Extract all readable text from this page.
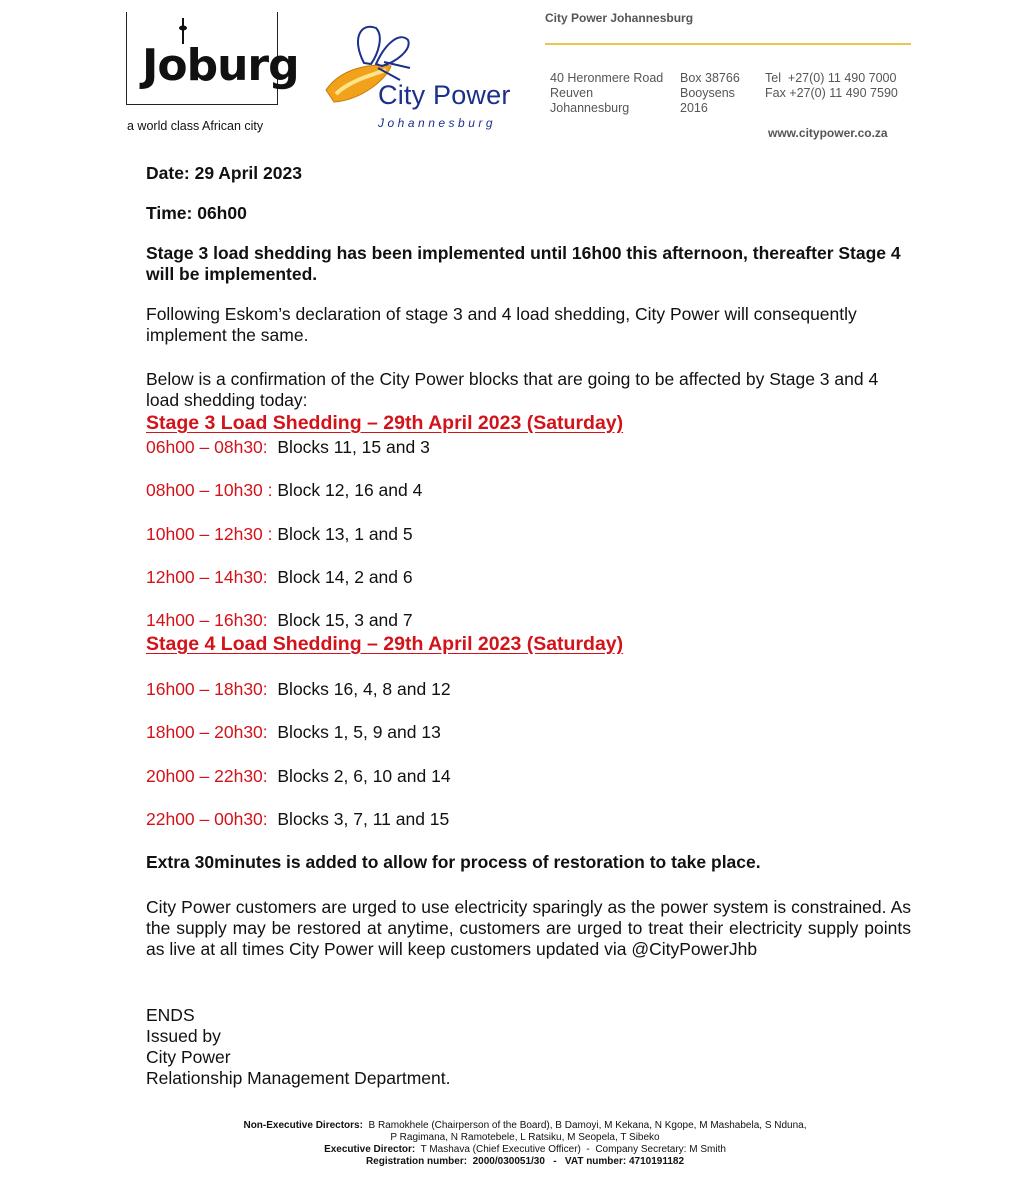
Joburg
a world class African city
City Power
Johannesburg
City Power Johannesburg
40 Heronmere Road
Reuven
Johannesburg
Box 38766
Booysens
2016
Tel  +27(0) 11 490 7000
Fax +27(0) 11 490 7590
www.citypower.co.za
Date: 29 April 2023
Time: 06h00
Stage 3 load shedding has been implemented until 16h00 this afternoon, thereafter Stage 4 will be implemented.
Following Eskom’s declaration of stage 3 and 4 load shedding, City Power will consequently implement the same.
Below is a confirmation of the City Power blocks that are going to be affected by Stage 3 and 4 load shedding today:
Stage 3 Load Shedding – 29th April 2023 (Saturday)
06h00 – 08h30:  Blocks 11, 15 and 3
08h00 – 10h30 : Block 12, 16 and 4
10h00 – 12h30 : Block 13, 1 and 5
12h00 – 14h30:  Block 14, 2 and 6
14h00 – 16h30:  Block 15, 3 and 7
Stage 4 Load Shedding – 29th April 2023 (Saturday)
16h00 – 18h30:  Blocks 16, 4, 8 and 12
18h00 – 20h30:  Blocks 1, 5, 9 and 13
20h00 – 22h30:  Blocks 2, 6, 10 and 14
22h00 – 00h30:  Blocks 3, 7, 11 and 15
Extra 30minutes is added to allow for process of restoration to take place.
City Power customers are urged to use electricity sparingly as the power system is constrained. As the supply may be restored at anytime, customers are urged to treat their electricity supply points as live at all times City Power will keep customers updated via @CityPowerJhb
ENDS
Issued by
City Power
Relationship Management Department.
Non-Executive Directors: B Ramokhele (Chairperson of the Board), B Damoyi, M Kekana, N Kgope, M Mashabela, S Nduna,
P Ragimana, N Ramotebele, L Ratsiku, M Seopela, T Sibeko
Executive Director: T Mashava (Chief Executive Officer)  -  Company Secretary: M Smith
Registration number:  2000/030051/30   -   VAT number: 4710191182
